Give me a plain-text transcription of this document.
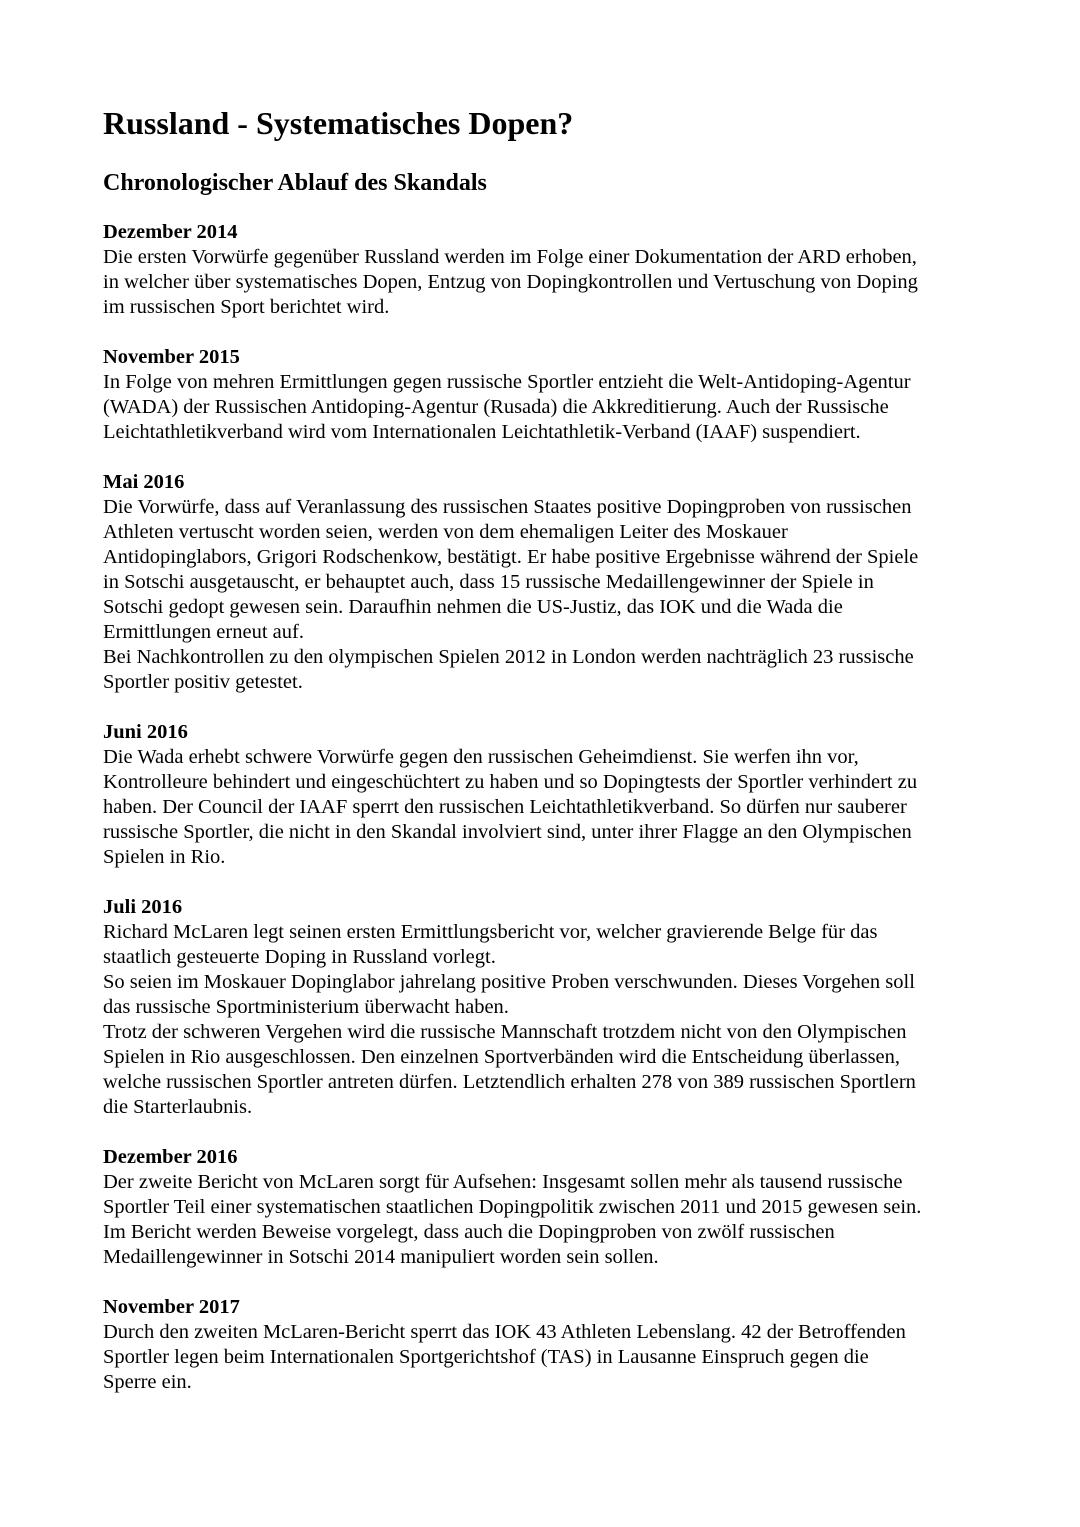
Russland - Systematisches Dopen?
Chronologischer Ablauf des Skandals
Dezember 2014

Die ersten Vorwürfe gegenüber Russland werden im Folge einer Dokumentation der ARD erhoben,
in welcher über systematisches Dopen, Entzug von Dopingkontrollen und Vertuschung von Doping
im russischen Sport berichtet wird.

November 2015

In Folge von mehren Ermittlungen gegen russische Sportler entzieht die Welt-Antidoping-Agentur
(WADA) der Russischen Antidoping-Agentur (Rusada) die Akkreditierung. Auch der Russische
Leichtathletikverband wird vom Internationalen Leichtathletik-Verband (IAAF) suspendiert.

Mai 2016

Die Vorwürfe, dass auf Veranlassung des russischen Staates positive Dopingproben von russischen
Athleten vertuscht worden seien, werden von dem ehemaligen Leiter des Moskauer
Antidopinglabors, Grigori Rodschenkow, bestätigt. Er habe positive Ergebnisse während der Spiele
in Sotschi ausgetauscht, er behauptet auch, dass 15 russische Medaillengewinner der Spiele in
Sotschi gedopt gewesen sein. Daraufhin nehmen die US-Justiz, das IOK und die Wada die
Ermittlungen erneut auf.

Bei Nachkontrollen zu den olympischen Spielen 2012 in London werden nachträglich 23 russische
Sportler positiv getestet.

Juni 2016

Die Wada erhebt schwere Vorwürfe gegen den russischen Geheimdienst. Sie werfen ihn vor,
Kontrolleure behindert und eingeschüchtert zu haben und so Dopingtests der Sportler verhindert zu
haben. Der Council der IAAF sperrt den russischen Leichtathletikverband. So dürfen nur sauberer
russische Sportler, die nicht in den Skandal involviert sind, unter ihrer Flagge an den Olympischen
Spielen in Rio.

Juli 2016

Richard McLaren legt seinen ersten Ermittlungsbericht vor, welcher gravierende Belge für das
staatlich gesteuerte Doping in Russland vorlegt.

So seien im Moskauer Dopinglabor jahrelang positive Proben verschwunden. Dieses Vorgehen soll
das russische Sportministerium überwacht haben.

Trotz der schweren Vergehen wird die russische Mannschaft trotzdem nicht von den Olympischen
Spielen in Rio ausgeschlossen. Den einzelnen Sportverbänden wird die Entscheidung überlassen,
welche russischen Sportler antreten dürfen. Letztendlich erhalten 278 von 389 russischen Sportlern
die Starterlaubnis.

Dezember 2016

Der zweite Bericht von McLaren sorgt für Aufsehen: Insgesamt sollen mehr als tausend russische
Sportler Teil einer systematischen staatlichen Dopingpolitik zwischen 2011 und 2015 gewesen sein.
Im Bericht werden Beweise vorgelegt, dass auch die Dopingproben von zwölf russischen
Medaillengewinner in Sotschi 2014 manipuliert worden sein sollen.

November 2017

Durch den zweiten McLaren-Bericht sperrt das IOK 43 Athleten Lebenslang. 42 der Betroffenden
Sportler legen beim Internationalen Sportgerichtshof (TAS) in Lausanne Einspruch gegen die
Sperre ein.
